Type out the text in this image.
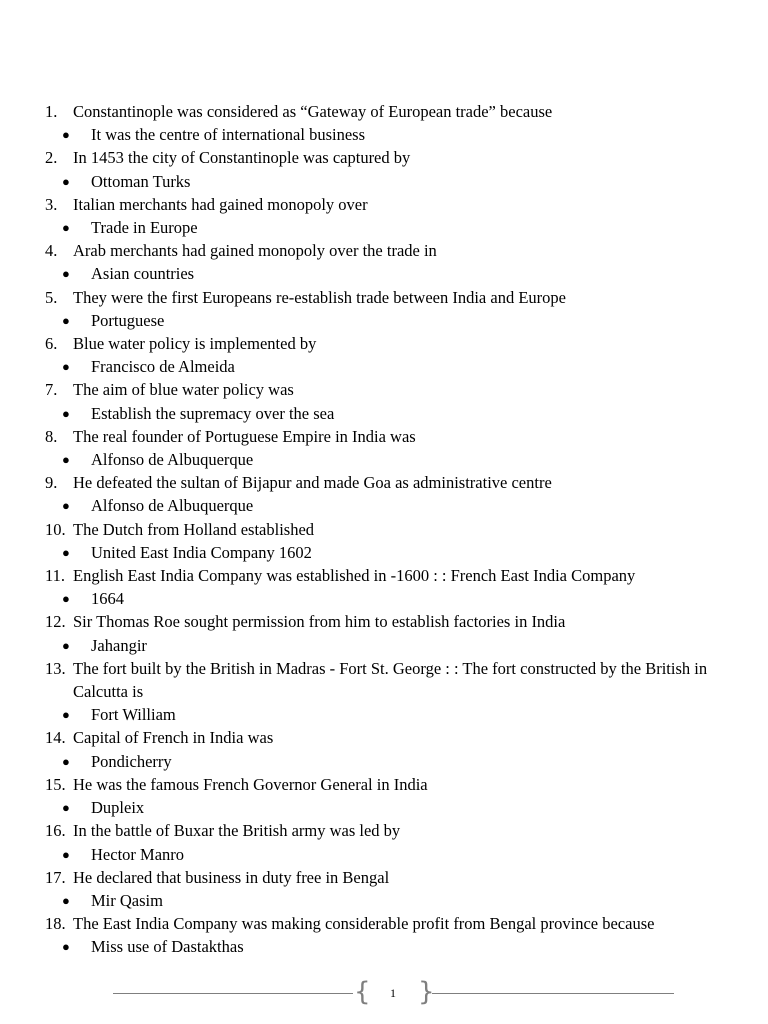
1. Constantinople was considered as “Gateway of European trade” because
● It was the centre of international business
2. In 1453 the city of Constantinople was captured by
● Ottoman Turks
3. Italian merchants had gained monopoly over
● Trade in Europe
4. Arab merchants had gained monopoly over the trade in
● Asian countries
5. They were the first Europeans re-establish trade between India and Europe
● Portuguese
6. Blue water policy is implemented by
● Francisco de Almeida
7. The aim of blue water policy was
● Establish the supremacy over the sea
8. The real founder of Portuguese Empire in India was
● Alfonso de Albuquerque
9. He defeated the sultan of Bijapur and made Goa as administrative centre
● Alfonso de Albuquerque
10. The Dutch from Holland established
● United East India Company 1602
11. English East India Company was established in -1600 : : French East India Company
● 1664
12. Sir Thomas Roe sought permission from him to establish factories in India
● Jahangir
13. The fort built by the British in Madras - Fort St. George : : The fort constructed by the British in Calcutta is
● Fort William
14. Capital of French in India was
● Pondicherry
15. He was the famous French Governor General in India
● Dupleix
16. In the battle of Buxar the British army was led by
● Hector Manro
17. He declared that business in duty free in Bengal
● Mir Qasim
18. The East India Company was making considerable profit from Bengal province because
● Miss use of Dastakthas
{	1 }
